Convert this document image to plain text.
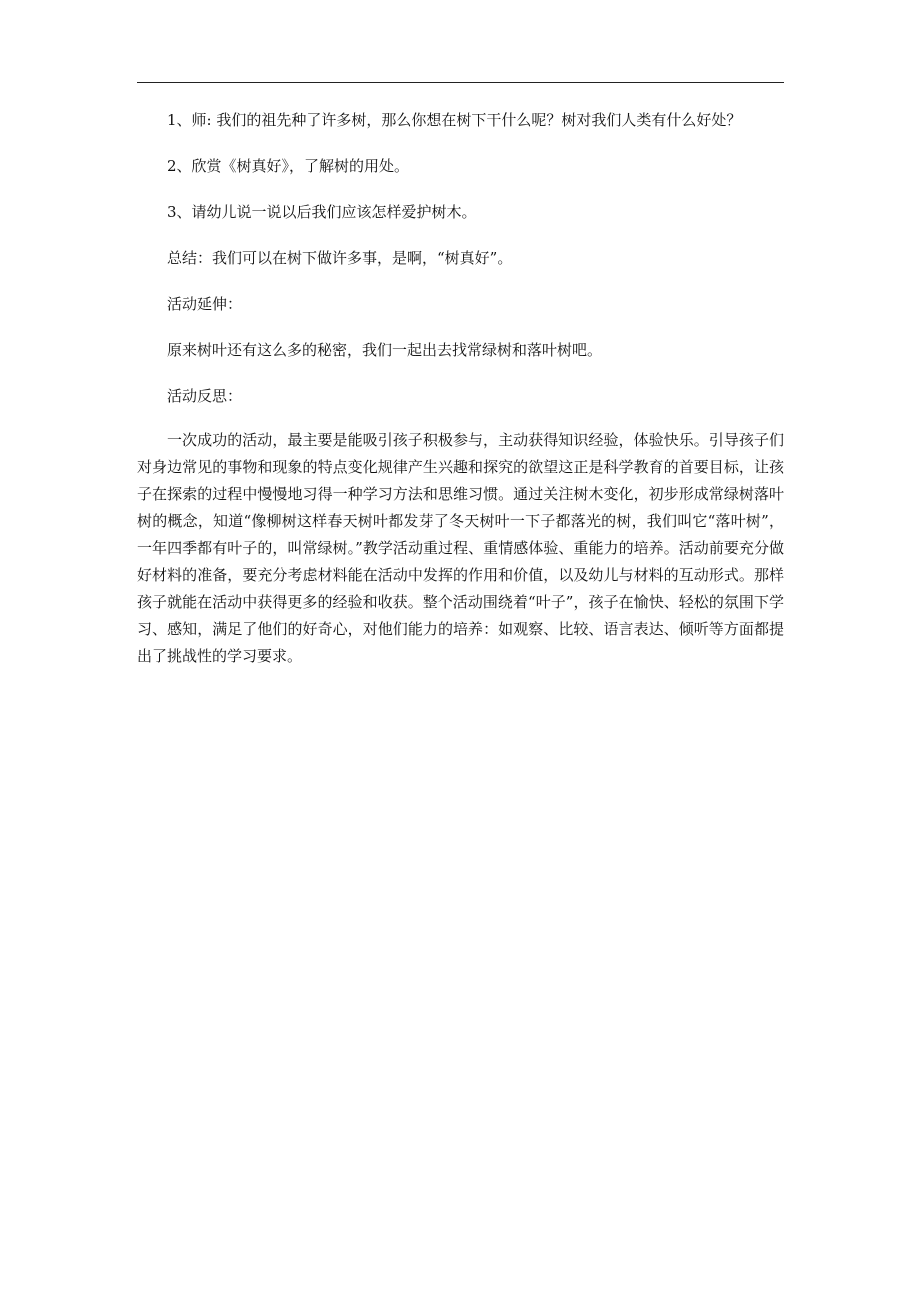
1、师: 我们的祖先种了许多树，那么你想在树下干什么呢？树对我们人类有什么好处？

2、欣赏《树真好》，了解树的用处。

3、请幼儿说一说以后我们应该怎样爱护树木。

总结：我们可以在树下做许多事，是啊，“树真好”。

活动延伸：

原来树叶还有这么多的秘密，我们一起出去找常绿树和落叶树吧。

活动反思：

一次成功的活动，最主要是能吸引孩子积极参与，主动获得知识经验，体验快乐。引导孩子们对身边常见的事物和现象的特点变化规律产生兴趣和探究的欲望这正是科学教育的首要目标，让孩子在探索的过程中慢慢地习得一种学习方法和思维习惯。通过关注树木变化，初步形成常绿树落叶树的概念，知道“像柳树这样春天树叶都发芽了冬天树叶一下子都落光的树，我们叫它“落叶树”，一年四季都有叶子的，叫常绿树。”教学活动重过程、重情感体验、重能力的培养。活动前要充分做好材料的准备，要充分考虑材料能在活动中发挥的作用和价值，以及幼儿与材料的互动形式。那样孩子就能在活动中获得更多的经验和收获。整个活动围绕着“叶子”，孩子在愉快、轻松的氛围下学习、感知，满足了他们的好奇心，对他们能力的培养：如观察、比较、语言表达、倾听等方面都提出了挑战性的学习要求。
